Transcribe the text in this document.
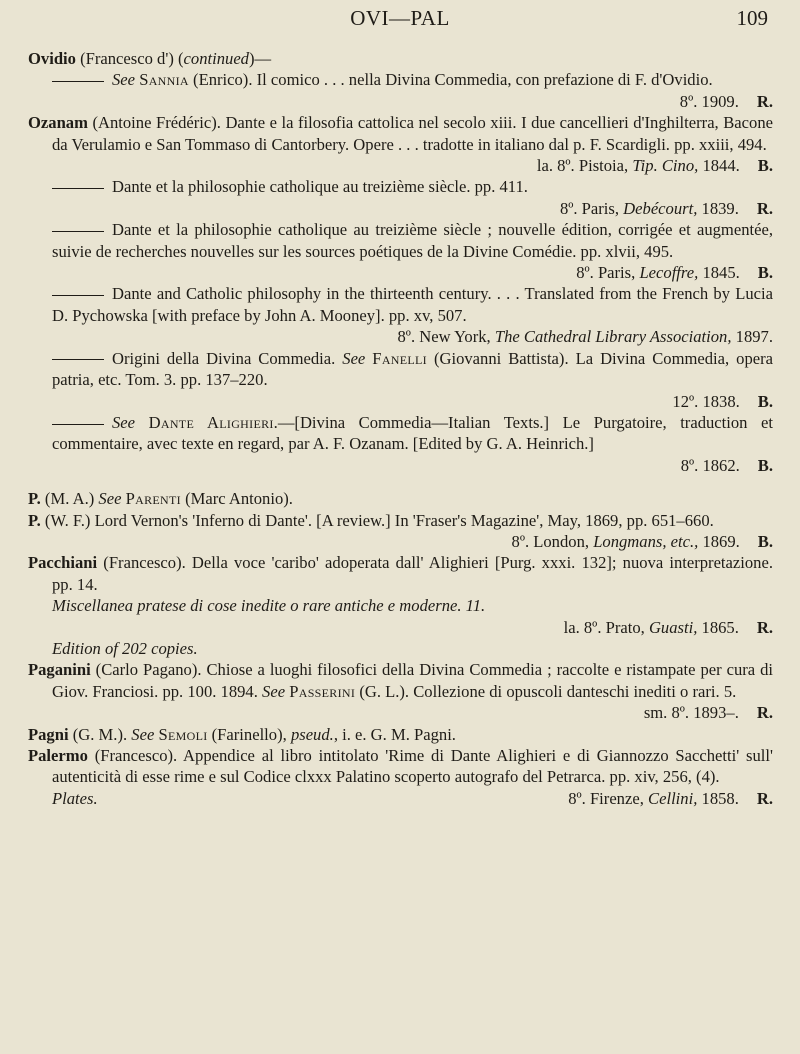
OVI—PAL	109

Ovidio (Francesco d') (continued)—

See Sannia (Enrico). Il comico . . . nella Divina Commedia, con prefazione di F. d'Ovidio.
8º. 1909. R.

Ozanam (Antoine Frédéric). Dante e la filosofia cattolica nel secolo xiii. I due cancellieri d'Inghilterra, Bacone da Verulamio e San Tommaso di Cantorbery. Opere . . . tradotte in italiano dal p. F. Scardigli. pp. xxiii, 494.
la. 8º. Pistoia, Tip. Cino, 1844. B.

Dante et la philosophie catholique au treizième siècle. pp. 411.
8º. Paris, Debécourt, 1839. R.

Dante et la philosophie catholique au treizième siècle ; nouvelle édition, corrigée et augmentée, suivie de recherches nouvelles sur les sources poétiques de la Divine Comédie. pp. xlvii, 495.
8º. Paris, Lecoffre, 1845. B.

Dante and Catholic philosophy in the thirteenth century. . . . Translated from the French by Lucia D. Pychowska [with preface by John A. Mooney]. pp. xv, 507.
8º. New York, The Cathedral Library Association, 1897.

Origini della Divina Commedia. See Fanelli (Giovanni Battista). La Divina Commedia, opera patria, etc. Tom. 3. pp. 137–220.
12º. 1838. B.

See Dante Alighieri.—[Divina Commedia—Italian Texts.] Le Purgatoire, traduction et commentaire, avec texte en regard, par A. F. Ozanam. [Edited by G. A. Heinrich.]
8º. 1862. B.

P. (M. A.) See Parenti (Marc Antonio).

P. (W. F.) Lord Vernon's 'Inferno di Dante'. [A review.] In 'Fraser's Magazine', May, 1869, pp. 651–660.
8º. London, Longmans, etc., 1869. B.

Pacchiani (Francesco). Della voce 'caribo' adoperata dall' Alighieri [Purg. xxxi. 132]; nuova interpretazione. pp. 14.
Miscellanea pratese di cose inedite o rare antiche e moderne. 11.
la. 8º. Prato, Guasti, 1865. R.
Edition of 202 copies.

Paganini (Carlo Pagano). Chiose a luoghi filosofici della Divina Commedia ; raccolte e ristampate per cura di Giov. Franciosi. pp. 100. 1894. See Passerini (G. L.). Collezione di opuscoli danteschi inediti o rari. 5.
sm. 8º. 1893–. R.

Pagni (G. M.). See Semoli (Farinello), pseud., i. e. G. M. Pagni.

Palermo (Francesco). Appendice al libro intitolato 'Rime di Dante Alighieri e di Giannozzo Sacchetti' sull' autenticità di esse rime e sul Codice clxxx Palatino scoperto autografo del Petrarca. pp. xiv, 256, (4).
Plates.	8º. Firenze, Cellini, 1858. R.
